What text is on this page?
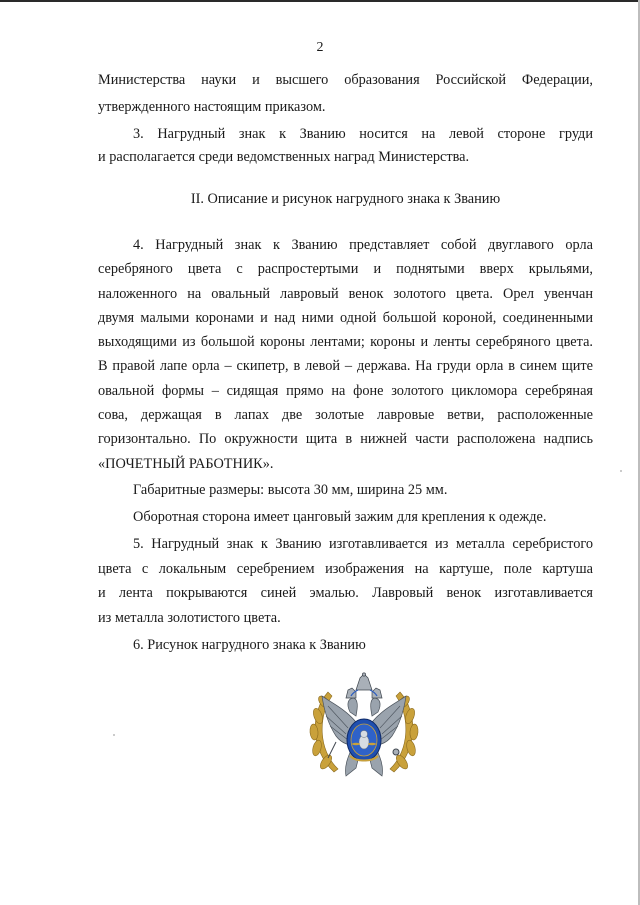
2
Министерства науки и высшего образования Российской Федерации,
утвержденного настоящим приказом.
3. Нагрудный знак к Званию носится на левой стороне груди
и располагается среди ведомственных наград Министерства.
II. Описание и рисунок нагрудного знака к Званию
4. Нагрудный знак к Званию представляет собой двуглавого орла
серебряного цвета с распростертыми и поднятыми вверх крыльями,
наложенного на овальный лавровый венок золотого цвета. Орел увенчан
двумя малыми коронами и над ними одной большой короной, соединенными
выходящими из большой короны лентами; короны и ленты серебряного цвета.
В правой лапе орла – скипетр, в левой – держава. На груди орла в синем щите
овальной формы – сидящая прямо на фоне золотого цикломора серебряная
сова, держащая в лапах две золотые лавровые ветви, расположенные
горизонтально. По окружности щита в нижней части расположена надпись
«ПОЧЕТНЫЙ РАБОТНИК».
Габаритные размеры: высота 30 мм, ширина 25 мм.
Оборотная сторона имеет цанговый зажим для крепления к одежде.
5. Нагрудный знак к Званию изготавливается из металла серебристого
цвета с локальным серебрением изображения на картуше, поле картуша
и лента покрываются синей эмалью. Лавровый венок изготавливается
из металла золотистого цвета.
6. Рисунок нагрудного знака к Званию
